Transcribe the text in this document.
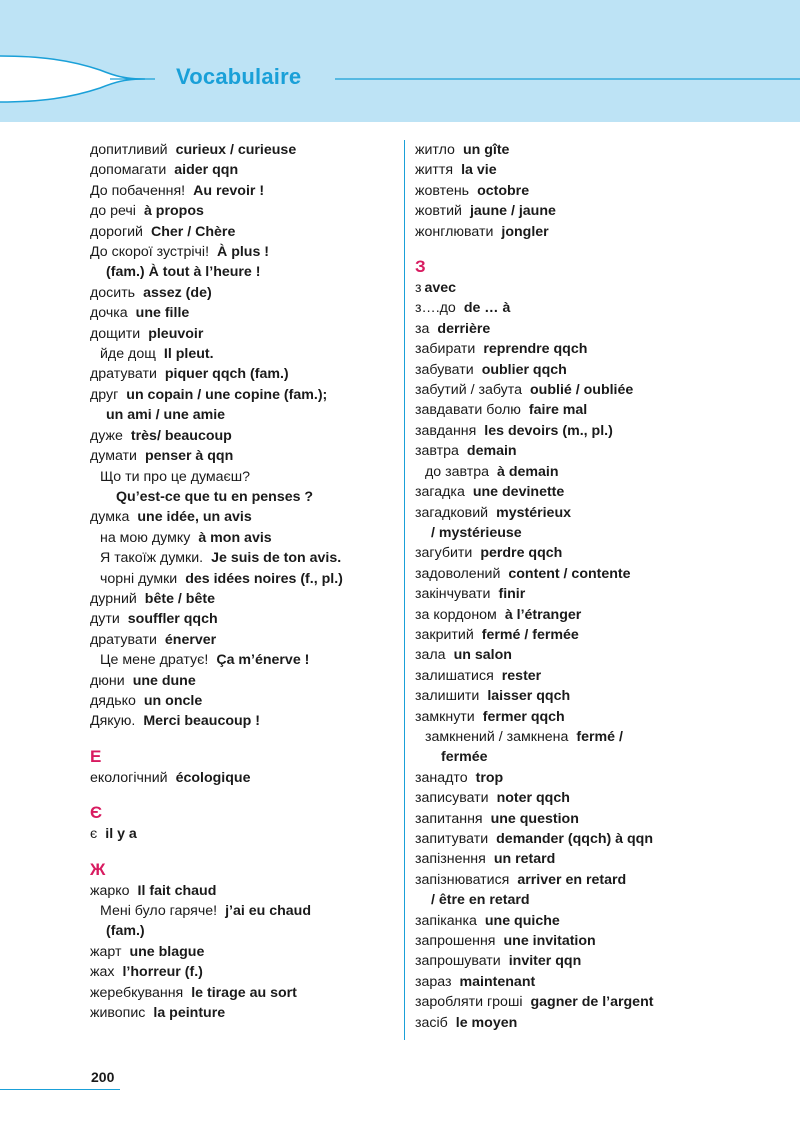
Vocabulaire
допитливий curieux / curieuse
допомагати aider qqn
До побачення! Au revoir !
до речі à propos
дорогий Cher / Chère
До скорої зустрічі! À plus !
(fam.) À tout à l’heure !
досить assez (de)
дочка une fille
дощити pleuvoir
йде дощ Il pleut.
дратувати piquer qqch (fam.)
друг un copain / une copine (fam.);
un ami / une amie
дуже très/ beaucoup
думати penser à qqn
Що ти про це думаєш?
Qu’est-ce que tu en penses ?
думка une idée, un avis
на мою думку à mon avis
Я такоїж думки. Je suis de ton avis.
чорні думки des idées noires (f., pl.)
дурний bête / bête
дути souffler qqch
дратувати énerver
Це мене дратує! Ça m’énerve !
дюни une dune
дядько un oncle
Дякую. Merci beaucoup !
Е
екологічний écologique
Є
є il y a
Ж
жарко Il fait chaud
Мені було гаряче! j’ai eu chaud
(fam.)
жарт une blague
жах l’horreur (f.)
жеребкування le tirage au sort
живопис la peinture
житло un gîte
життя la vie
жовтень octobre
жовтий jaune / jaune
жонглювати jongler
З
з avec
з….до de … à
за derrière
забирати reprendre qqch
забувати oublier qqch
забутий / забута oublié / oubliée
завдавати болю faire mal
завдання les devoirs (m., pl.)
завтра demain
до завтра à demain
загадка une devinette
загадковий mystérieux
/ mystérieuse
загубити perdre qqch
задоволений content / contente
закінчувати finir
за кордоном à l’étranger
закритий fermé / fermée
зала un salon
залишатися rester
залишити laisser qqch
замкнути fermer qqch
замкнений / замкнена fermé /
fermée
занадто trop
записувати noter qqch
запитання une question
запитувати demander (qqch) à qqn
запізнення un retard
запізнюватися arriver en retard
/ être en retard
запіканка une quiche
запрошення une invitation
запрошувати inviter qqn
зараз maintenant
заробляти гроші gagner de l’argent
засіб le moyen
200
